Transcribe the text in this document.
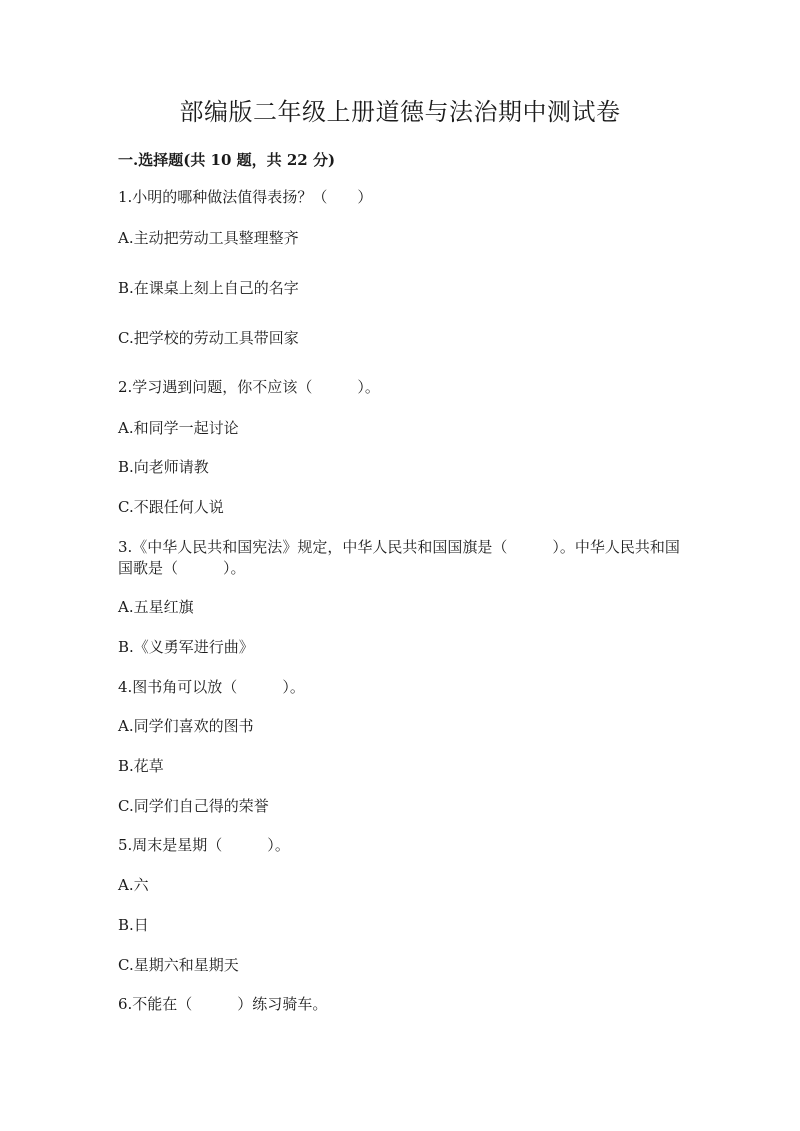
部编版二年级上册道德与法治期中测试卷
一.选择题(共 10 题，共 22 分)
1.小明的哪种做法值得表扬？（　　）
A.主动把劳动工具整理整齐
B.在课桌上刻上自己的名字
C.把学校的劳动工具带回家
2.学习遇到问题，你不应该（　　　）。
A.和同学一起讨论
B.向老师请教
C.不跟任何人说
3.《中华人民共和国宪法》规定，中华人民共和国国旗是（　　　）。中华人民共和国国歌是（　　　）。
A.五星红旗
B.《义勇军进行曲》
4.图书角可以放（　　　）。
A.同学们喜欢的图书
B.花草
C.同学们自己得的荣誉
5.周末是星期（　　　）。
A.六
B.日
C.星期六和星期天
6.不能在（　　　）练习骑车。
